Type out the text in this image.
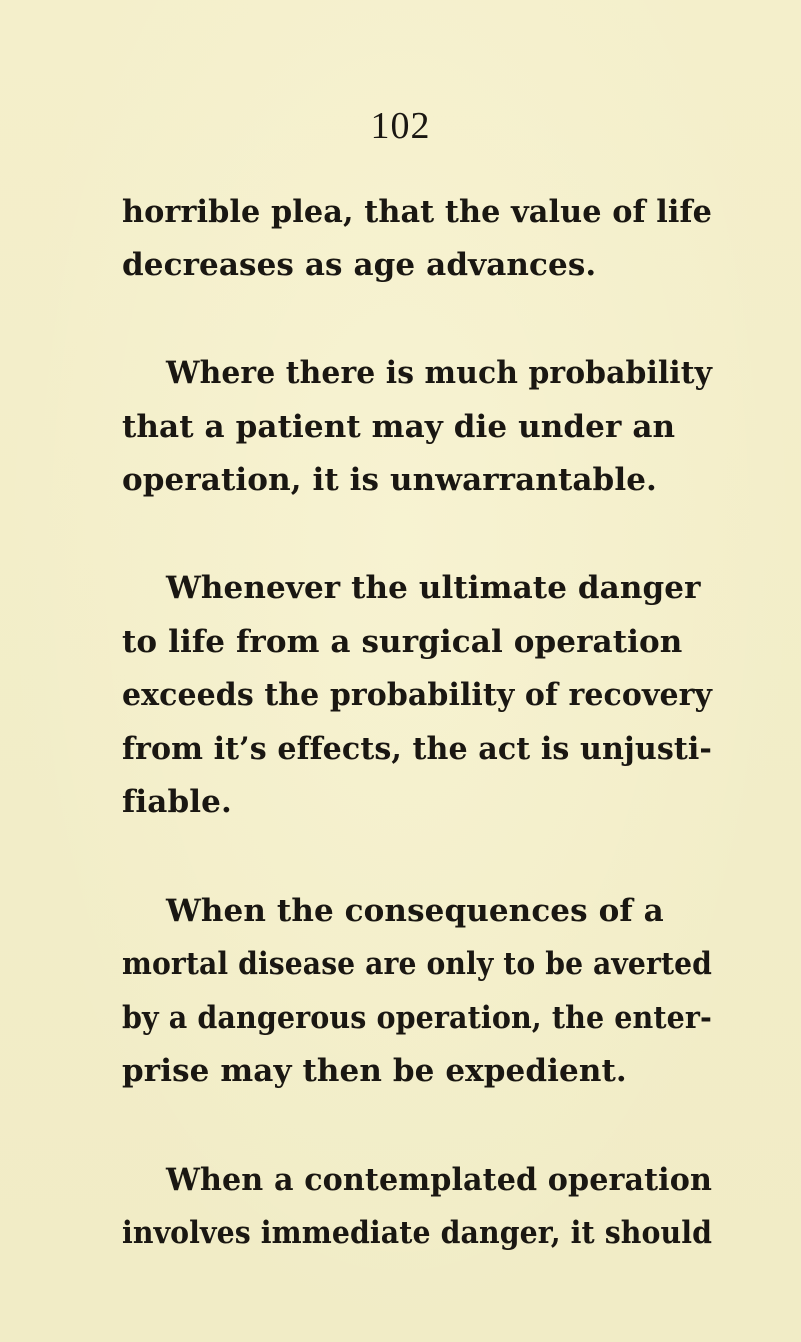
102
horrible plea, that the value of life
decreases as age advances.
Where there is much probability
that a patient may die under an
operation, it is unwarrantable.
Whenever the ultimate danger
to life from a surgical operation
exceeds the probability of recovery
from it’s effects, the act is unjusti-
fiable.
When the consequences of a
mortal disease are only to be averted
by a dangerous operation, the enter-
prise may then be expedient.
When a contemplated operation
involves immediate danger, it should
